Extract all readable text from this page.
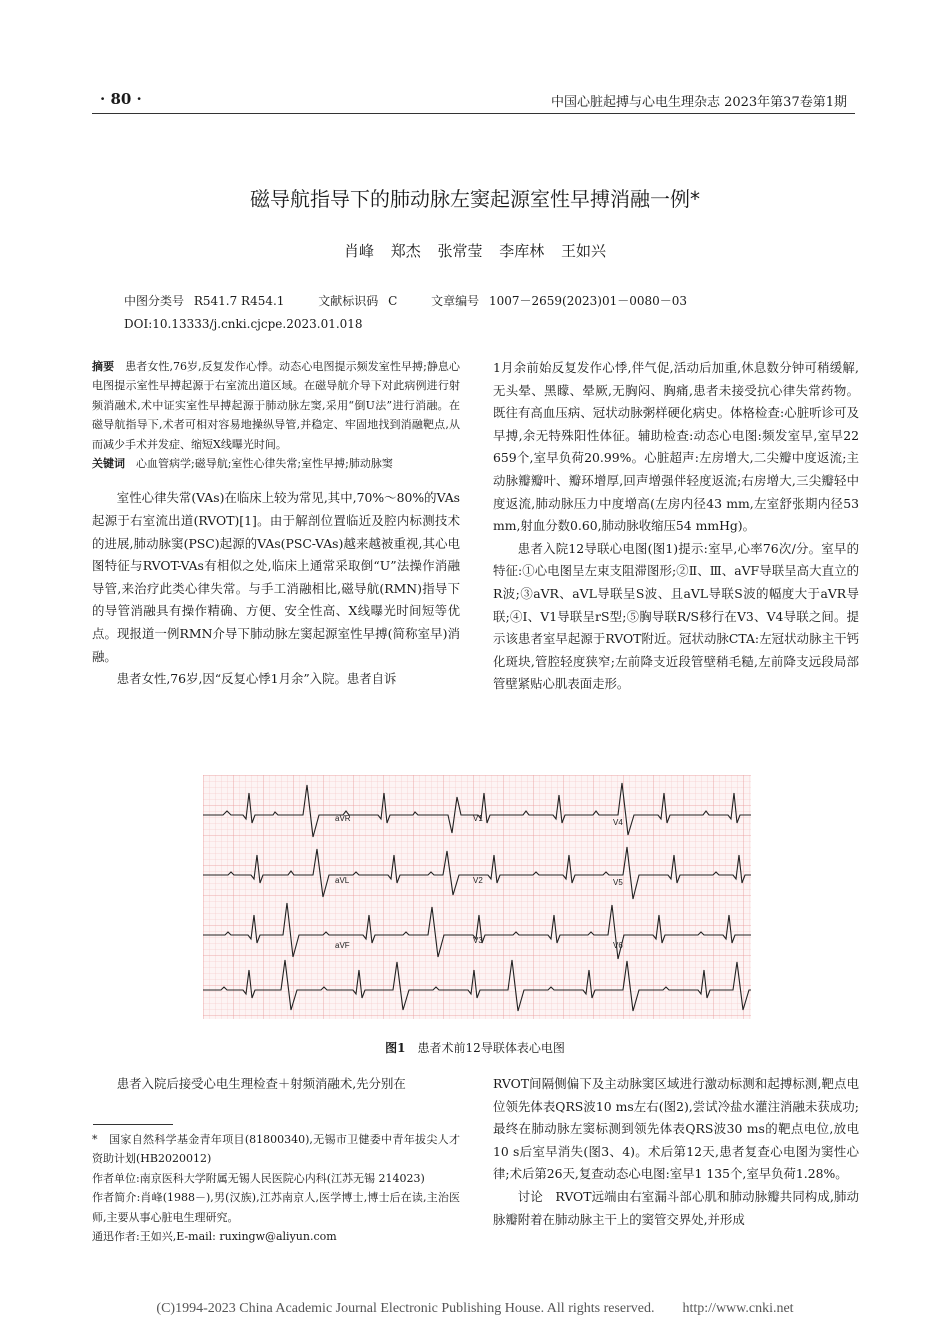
· 80 ·	中国心脏起搏与心电生理杂志 2023年第37卷第1期
磁导航指导下的肺动脉左窦起源室性早搏消融一例*
肖峰 郑杰 张常莹 李库林 王如兴
中图分类号 R541.7 R454.1	文献标识码 C	文章编号 1007－2659(2023)01－0080－03
DOI:10.13333/j.cnki.cjcpe.2023.01.018

摘要　 患者女性,76岁,反复发作心悸。动态心电图提示频发室性早搏;静息心电图提示室性早搏起源于右室流出道区域。在磁导航介导下对此病例进行射频消融术,术中证实室性早搏起源于肺动脉左窦,采用“倒U法”进行消融。在磁导航指导下,术者可相对容易地操纵导管,并稳定、牢固地找到消融靶点,从而减少手术并发症、缩短X线曝光时间。

关键词　 心血管病学;磁导航;室性心律失常;室性早搏;肺动脉窦

室性心律失常(VAs)在临床上较为常见,其中,70%～80%的VAs起源于右室流出道(RVOT)[1]。由于解剖位置临近及腔内标测技术的进展,肺动脉窦(PSC)起源的VAs(PSC-VAs)越来越被重视,其心电图特征与RVOT-VAs有相似之处,临床上通常采取倒“U”法操作消融导管,来治疗此类心律失常。与手工消融相比,磁导航(RMN)指导下的导管消融具有操作精确、方便、安全性高、X线曝光时间短等优点。现报道一例RMN介导下肺动脉左窦起源室性早搏(简称室早)消融。

患者女性,76岁,因“反复心悸1月余”入院。患者自诉

1月余前始反复发作心悸,伴气促,活动后加重,休息数分钟可稍缓解,无头晕、黑矇、晕厥,无胸闷、胸痛,患者未接受抗心律失常药物。既往有高血压病、冠状动脉粥样硬化病史。体格检查:心脏听诊可及早搏,余无特殊阳性体征。辅助检查:动态心电图:频发室早,室早22 659个,室早负荷20.99%。心脏超声:左房增大,二尖瓣中度返流;主动脉瓣瓣叶、瓣环增厚,回声增强伴轻度返流;右房增大,三尖瓣轻中度返流,肺动脉压力中度增高(左房内径43 mm,左室舒张期内径53 mm,射血分数0.60,肺动脉收缩压54 mmHg)。

患者入院12导联心电图(图1)提示:室早,心率76次/分。室早的特征:①心电图呈左束支阻滞图形;②Ⅱ、Ⅲ、aVF导联呈高大直立的R波;③aVR、aVL导联呈S波、且aVL导联S波的幅度大于aVR导联;④Ⅰ、V1导联呈rS型;⑤胸导联R/S移行在V3、V4导联之间。提示该患者室早起源于RVOT附近。冠状动脉CTA:左冠状动脉主干钙化斑块,管腔轻度狭窄;左前降支近段管壁稍毛糙,左前降支远段局部管壁紧贴心肌表面走形。

aVR	V1	V4
aVL	V2	V5
aVF
V3
V6
图1　 患者术前12导联体表心电图

患者入院后接受心电生理检查＋射频消融术,先分别在

*　国家自然科学基金青年项目(81800340),无锡市卫健委中青年拔尖人才资助计划(HB2020012)

作者单位:南京医科大学附属无锡人民医院心内科(江苏无锡 214023)

作者简介:肖峰(1988－),男(汉族),江苏南京人,医学博士,博士后在读,主治医师,主要从事心脏电生理研究。

通迅作者:王如兴,E-mail: ruxingw@aliyun.com

RVOT间隔侧偏下及主动脉窦区域进行激动标测和起搏标测,靶点电位领先体表QRS波10 ms左右(图2),尝试冷盐水灌注消融未获成功;最终在肺动脉左窦标测到领先体表QRS波30 ms的靶点电位,放电10 s后室早消失(图3、4)。术后第12天,患者复查心电图为窦性心律;术后第26天,复查动态心电图:室早1 135个,室早负荷1.28%。

讨论　RVOT远端由右室漏斗部心肌和肺动脉瓣共同构成,肺动脉瓣附着在肺动脉主干上的窦管交界处,并形成

(C)1994-2023 China Academic Journal Electronic Publishing House. All rights reserved.　　http://www.cnki.net
